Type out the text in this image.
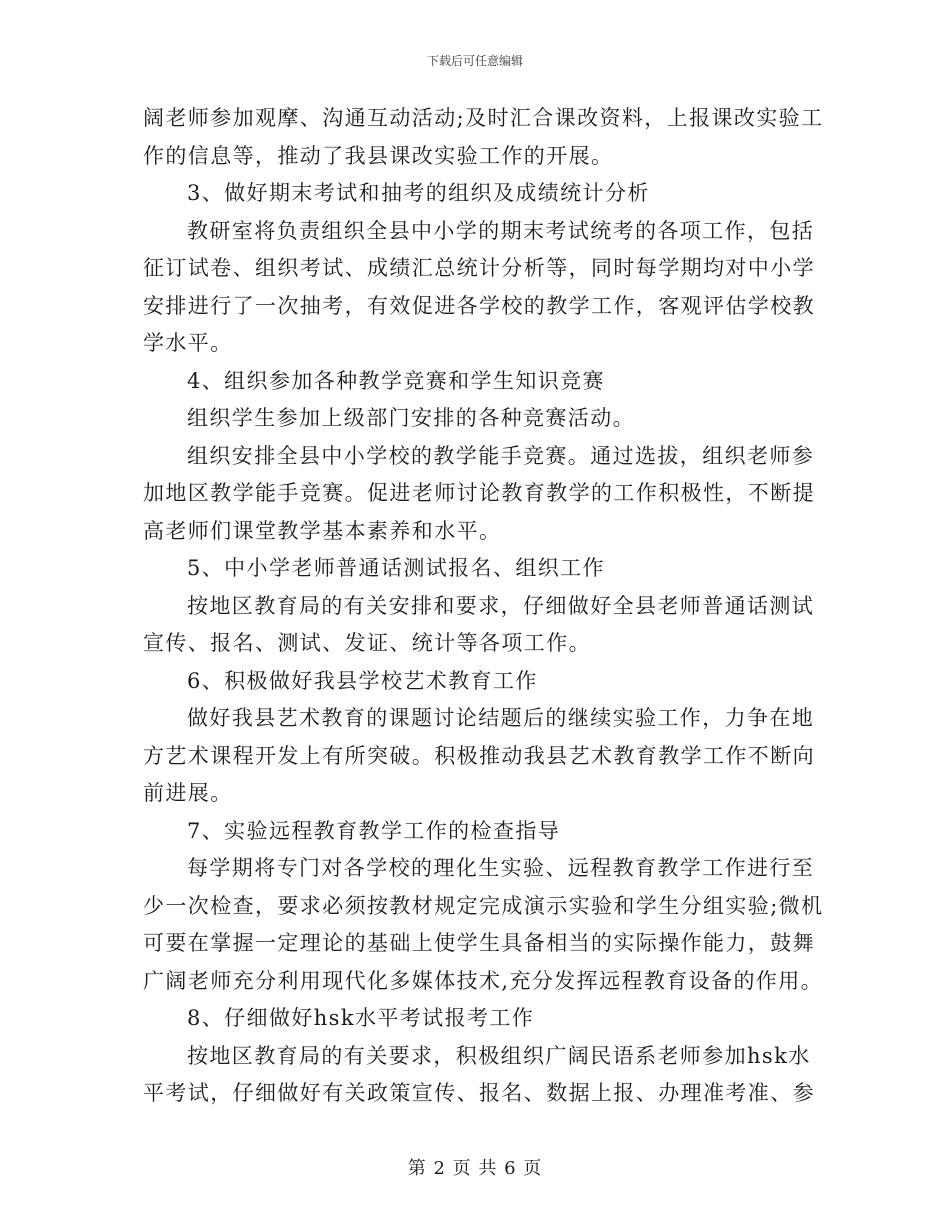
下载后可任意编辑
阔老师参加观摩、沟通互动活动;及时汇合课改资料，上报课改实验工
作的信息等，推动了我县课改实验工作的开展。
3、做好期末考试和抽考的组织及成绩统计分析
教研室将负责组织全县中小学的期末考试统考的各项工作，包括
征订试卷、组织考试、成绩汇总统计分析等，同时每学期均对中小学
安排进行了一次抽考，有效促进各学校的教学工作，客观评估学校教
学水平。
4、组织参加各种教学竞赛和学生知识竞赛
组织学生参加上级部门安排的各种竞赛活动。
组织安排全县中小学校的教学能手竞赛。通过选拔，组织老师参
加地区教学能手竞赛。促进老师讨论教育教学的工作积极性，不断提
高老师们课堂教学基本素养和水平。
5、中小学老师普通话测试报名、组织工作
按地区教育局的有关安排和要求，仔细做好全县老师普通话测试
宣传、报名、测试、发证、统计等各项工作。
6、积极做好我县学校艺术教育工作
做好我县艺术教育的课题讨论结题后的继续实验工作，力争在地
方艺术课程开发上有所突破。积极推动我县艺术教育教学工作不断向
前进展。
7、实验远程教育教学工作的检查指导
每学期将专门对各学校的理化生实验、远程教育教学工作进行至
少一次检查，要求必须按教材规定完成演示实验和学生分组实验;微机
可要在掌握一定理论的基础上使学生具备相当的实际操作能力，鼓舞
广阔老师充分利用现代化多媒体技术,充分发挥远程教育设备的作用。
8、仔细做好hsk水平考试报考工作
按地区教育局的有关要求，积极组织广阔民语系老师参加hsk水
平考试，仔细做好有关政策宣传、报名、数据上报、办理准考准、参
第 2 页 共 6 页
